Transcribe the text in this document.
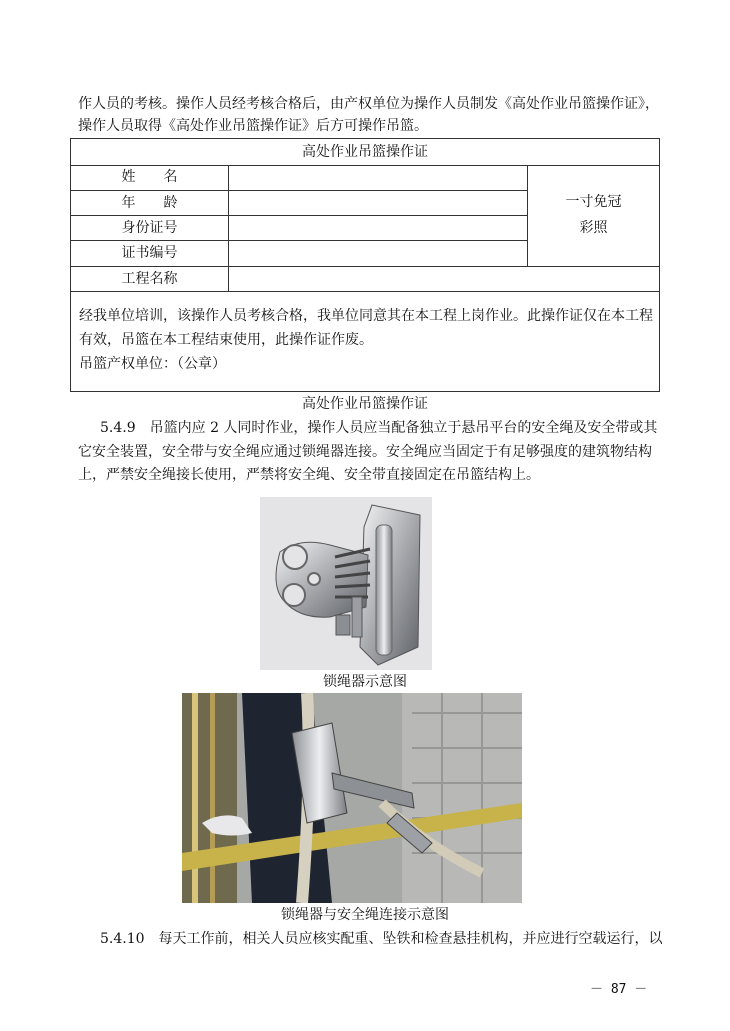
作人员的考核。操作人员经考核合格后，由产权单位为操作人员制发《高处作业吊篮操作证》，
操作人员取得《高处作业吊篮操作证》后方可操作吊篮。
高处作业吊篮操作证
姓　　名
年　　龄
身份证号
证书编号
工程名称
一寸免冠
彩照
经我单位培训，该操作人员考核合格，我单位同意其在本工程上岗作业。此操作证仅在本工程
有效，吊篮在本工程结束使用，此操作证作废。
吊篮产权单位：（公章）
高处作业吊篮操作证
5.4.9　吊篮内应 2 人同时作业，操作人员应当配备独立于悬吊平台的安全绳及安全带或其
它安全装置，安全带与安全绳应通过锁绳器连接。安全绳应当固定于有足够强度的建筑物结构
上，严禁安全绳接长使用，严禁将安全绳、安全带直接固定在吊篮结构上。
锁绳器示意图
锁绳器与安全绳连接示意图
5.4.10　每天工作前，相关人员应核实配重、坠铁和检查悬挂机构，并应进行空载运行，以
－ 87 －
